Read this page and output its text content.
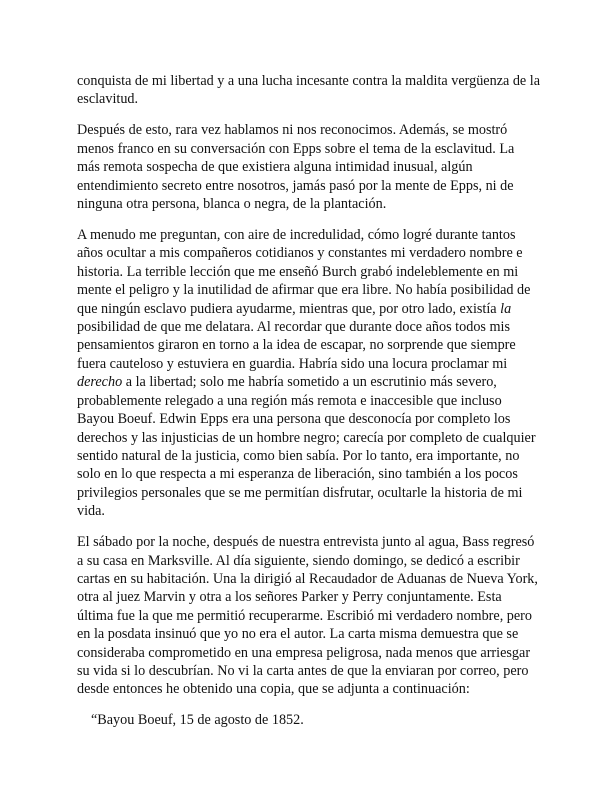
conquista de mi libertad y a una lucha incesante contra la maldita vergüenza de la esclavitud.

Después de esto, rara vez hablamos ni nos reconocimos. Además, se mostró menos franco en su conversación con Epps sobre el tema de la esclavitud. La más remota sospecha de que existiera alguna intimidad inusual, algún entendimiento secreto entre nosotros, jamás pasó por la mente de Epps, ni de ninguna otra persona, blanca o negra, de la plantación.

A menudo me preguntan, con aire de incredulidad, cómo logré durante tantos años ocultar a mis compañeros cotidianos y constantes mi verdadero nombre e historia. La terrible lección que me enseñó Burch grabó indeleblemente en mi mente el peligro y la inutilidad de afirmar que era libre. No había posibilidad de que ningún esclavo pudiera ayudarme, mientras que, por otro lado, existía la posibilidad de que me delatara. Al recordar que durante doce años todos mis pensamientos giraron en torno a la idea de escapar, no sorprende que siempre fuera cauteloso y estuviera en guardia. Habría sido una locura proclamar mi derecho a la libertad; solo me habría sometido a un escrutinio más severo, probablemente relegado a una región más remota e inaccesible que incluso Bayou Boeuf. Edwin Epps era una persona que desconocía por completo los derechos y las injusticias de un hombre negro; carecía por completo de cualquier sentido natural de la justicia, como bien sabía. Por lo tanto, era importante, no solo en lo que respecta a mi esperanza de liberación, sino también a los pocos privilegios personales que se me permitían disfrutar, ocultarle la historia de mi vida.

El sábado por la noche, después de nuestra entrevista junto al agua, Bass regresó a su casa en Marksville. Al día siguiente, siendo domingo, se dedicó a escribir cartas en su habitación. Una la dirigió al Recaudador de Aduanas de Nueva York, otra al juez Marvin y otra a los señores Parker y Perry conjuntamente. Esta última fue la que me permitió recuperarme. Escribió mi verdadero nombre, pero en la posdata insinuó que yo no era el autor. La carta misma demuestra que se consideraba comprometido en una empresa peligrosa, nada menos que arriesgar su vida si lo descubrían. No vi la carta antes de que la enviaran por correo, pero desde entonces he obtenido una copia, que se adjunta a continuación:

“Bayou Boeuf, 15 de agosto de 1852.
